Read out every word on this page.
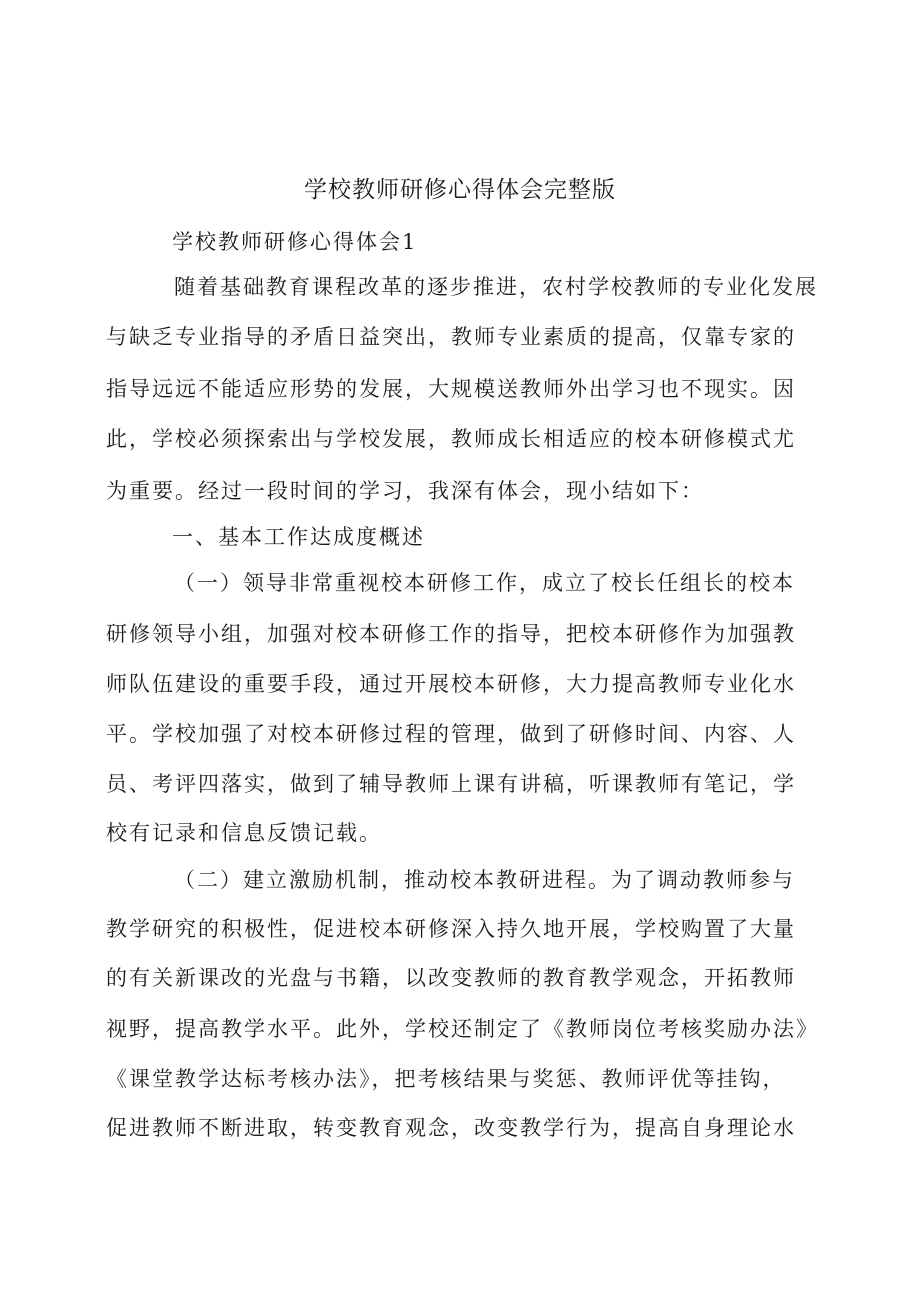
学校教师研修心得体会完整版
学校教师研修心得体会1
随着基础教育课程改革的逐步推进，农村学校教师的专业化发展
与缺乏专业指导的矛盾日益突出，教师专业素质的提高，仅靠专家的
指导远远不能适应形势的发展，大规模送教师外出学习也不现实。因
此，学校必须探索出与学校发展，教师成长相适应的校本研修模式尤
为重要。经过一段时间的学习，我深有体会，现小结如下：
一、基本工作达成度概述
（一）领导非常重视校本研修工作，成立了校长任组长的校本
研修领导小组，加强对校本研修工作的指导，把校本研修作为加强教
师队伍建设的重要手段，通过开展校本研修，大力提高教师专业化水
平。学校加强了对校本研修过程的管理，做到了研修时间、内容、人
员、考评四落实，做到了辅导教师上课有讲稿，听课教师有笔记，学
校有记录和信息反馈记载。
（二）建立激励机制，推动校本教研进程。为了调动教师参与
教学研究的积极性，促进校本研修深入持久地开展，学校购置了大量
的有关新课改的光盘与书籍，以改变教师的教育教学观念，开拓教师
视野，提高教学水平。此外，学校还制定了《教师岗位考核奖励办法》
《课堂教学达标考核办法》，把考核结果与奖惩、教师评优等挂钩，
促进教师不断进取，转变教育观念，改变教学行为，提高自身理论水
